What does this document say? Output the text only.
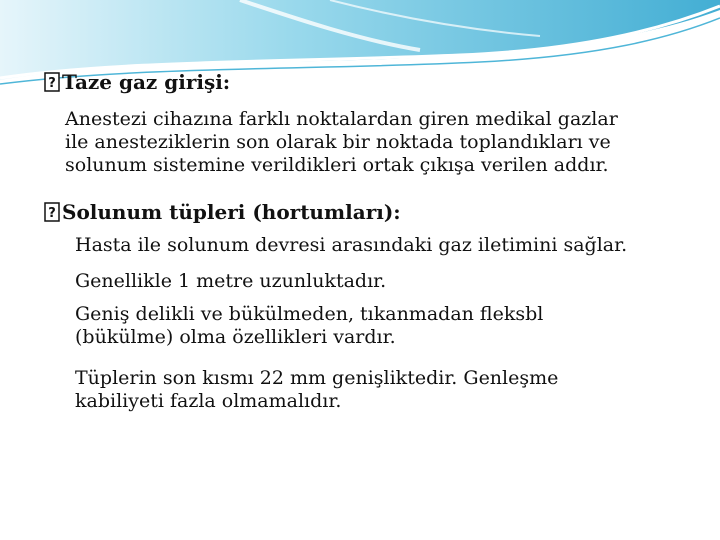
? Taze gaz girişi:
Anestezi cihazına farklı noktalardan giren medikal gazlar
ile anesteziklerin son olarak bir noktada toplandıkları ve
solunum sistemine verildikleri ortak çıkışa verilen addır.
? Solunum tüpleri (hortumları):
Hasta ile solunum devresi arasındaki gaz iletimini sağlar.
Genellikle 1 metre uzunluktadır.
Geniş delikli ve bükülmeden, tıkanmadan fleksbl
(bükülme) olma özellikleri vardır.
Tüplerin son kısmı 22 mm genişliktedir. Genleşme
kabiliyeti fazla olmamalıdır.
